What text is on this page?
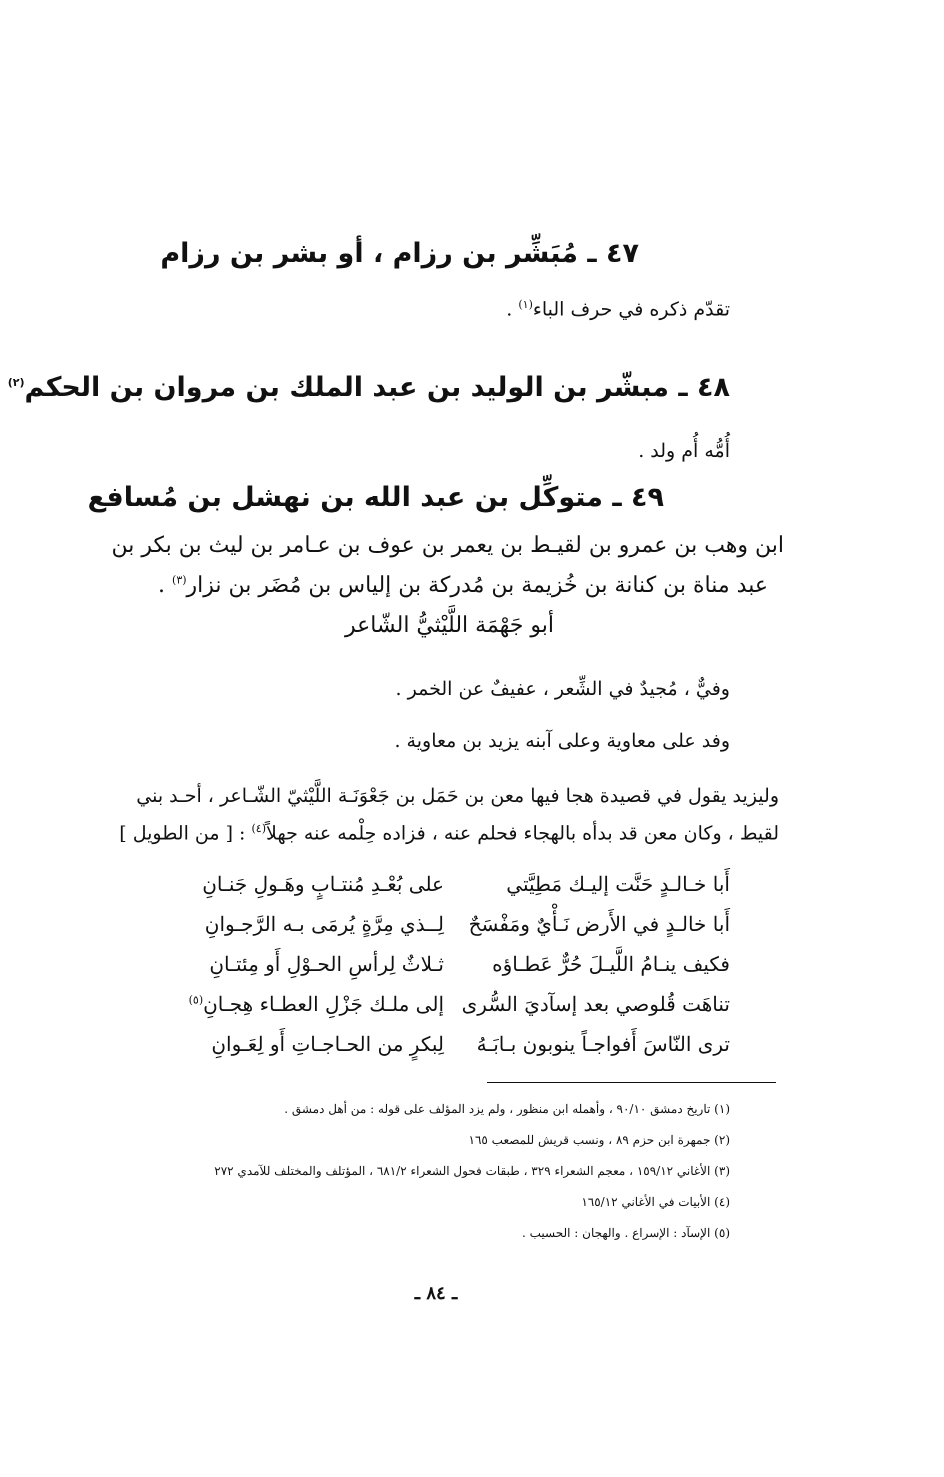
٤٧ ـ مُبَشِّر بن رزام ، أو بشر بن رزام

تقدّم ذكره في حرف الباء$^{(١)}$ .

٤٨ ـ مبشّر بن الوليد بن عبد الملك بن مروان بن الحكم$^{(٢)}$

أُمُّه أُم ولد .

٤٩ ـ متوكِّل بن عبد الله بن نهشل بن مُسافع

ابن وهب بن عمرو بن لقيـط بن يعمر بن عوف بن عـامر بن ليث بن بكر بن

عبد مناة بن كنانة بن خُزيمة بن مُدركة بن إلياس بن مُضَر بن نزار$^{(٣)}$ .

أبو جَهْمَة اللَّيْثيُّ الشّاعر

وفيٌّ ، مُجيدٌ في الشِّعر ، عفيفٌ عن الخمر .

وفد على معاوية وعلى آبنه يزيد بن معاوية .

وليزيد يقول في قصيدة هجا فيها معن بن حَمَل بن جَعْوَنَـة اللَّيْثيّ الشّـاعر ، أحـد بني

لقيط ، وكان معن قد بدأه بالهجاء فحلم عنه ، فزاده حِلْمه عنه جهلاً$^{(٤)}$ : [ من الطويل ]

أَبا خـالـدٍ حَنَّت إليـك مَطِيَّتي
على بُعْـدِ مُنتـابٍ وهَـولِ جَنـانِ
أَبا خالـدٍ في الأَرض نَـأْيٌ ومَفْسَحٌ
لِــذي مِرَّةٍ يُرمَى بـه الرَّجـوانِ
فكيف ينـامُ اللَّيـلَ حُرٌّ عَطـاؤه
ثـلاثٌ لِرأسِ الحـوْلِ أَو مِئتـانِ
تناهَت قُلوصي بعد إسآديَ السُّرى
إلى ملـك جَزْلِ العطـاء هِجـانِ$^{(٥)}$
ترى النّاسَ أَفواجـاً ينوبون بـابَـهُ
لِبكرٍ من الحـاجـاتِ أَو لِعَـوانِ
(١) تاريخ دمشق ٩٠/١٠ ، وأهمله ابن منظور ، ولم يزد المؤلف على قوله : من أهل دمشق .
(٢) جمهرة ابن حزم ٨٩ ، ونسب قريش للمصعب ١٦٥
(٣) الأغاني ١٥٩/١٢ ، معجم الشعراء ٣٢٩ ، طبقات فحول الشعراء ٦٨١/٢ ، المؤتلف والمختلف للآمدي ٢٧٢
(٤) الأبيات في الأغاني ١٦٥/١٢
(٥) الإسآد : الإسراع . والهجان : الحسيب .

ـ ٨٤ ـ
